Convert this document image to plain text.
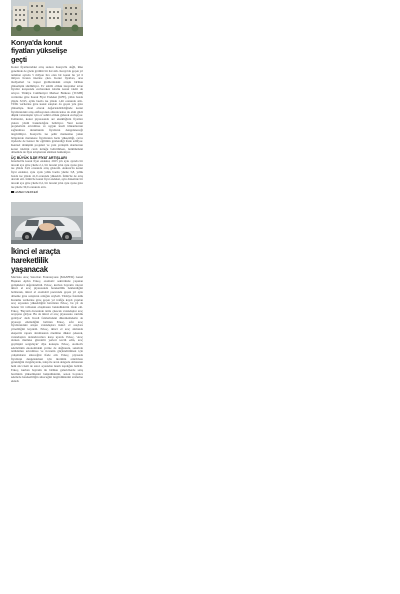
Konya'da konut fiyatları yükselişe geçti

Konut fiyatlarındaki artış sadece Konya'da değil, ülke genelinde de gözle görülür bir hal aldı. Konya'da geçen yıl temmuz ayında 5 milyon lira olan bir konut bu yıl 6 milyon liranın üzerine çıktı. Konut fiyatları, arsa maliyetleri ve inşaat girdilerindeki artışla birlikte yükselişini sürdürüyor. Ev sahibi olmak isteyenler artan fiyatlar karşısında zorlanırken kiralık konut talebi de artıyor. Türkiye Cumhuriyet Merkez Bankası (TCMB) verilerine göre Konut Fiyat Endeksi (KFE), yıllık bazda yüzde 32,95, aylık bazda ise yüzde 1,46 oranında arttı. TÜİK verilerine göre konut satışları da geçen yıla göre yükselişte. Reel olarak değerlendirildiğinde konut fiyatlarındaki artış enflasyonun altında kalsa da alım gücü düşük vatandaşlar için ev sahibi olmak giderek zorlaşıyor. Uzmanlar, konut piyasasında arz eksikliğinin fiyatları yukarı yönlü baskıladığını belirtiyor. Yeni konut projelerinin artırılması ve uygun kredi imkanlarının sağlanması durumunda fiyatların dengeleneceği öngörülüyor. Konya'da ise şehir merkezine yakın bölgelerde metrekare fiyatlarının hızla yükseldiği, çevre ilçelerde de benzer bir eğilimin gözlendiği ifade ediliyor. Kentsel dönüşüm projeleri ve yeni yerleşim alanlarının konut talebini canlı tuttuğu belirtilirken, önümüzdeki dönemde de fiyat artışlarının sürmesi bekleniyor.

ÜÇ BÜYÜK İLDE FİYAT ARTIŞLARI

İstanbul'da konut fiyat endeksi, 2023 yılı aynı ayında bir önceki aya göre yüzde 2,1, bir önceki yılın aynı ayına göre ise yüzde 34,9 oranında artış gösterdi. Ankara'da konut fiyat endeksi, aynı ayda yıllık bazda yüzde 3,8, yıllık bazda ise yüzde 41,9 oranında yükseldi. İzmir'de de artış devam etti. İzmir'de konut fiyat endeksi, aynı dönemde bir önceki aya göre yüzde 0,2, bir önceki yılın aynı ayına göre ise yüzde 30,9 oranında arttı.

HABER MERKEZİ
İkinci el araçta hareketlilik yaşanacak

Mevlana Araç Satıcıları Federasyonu (MASFED) Genel Başkanı Aydın Erkoç, otomotiv sektöründe yaşanan gelişmeleri değerlendirdi. Erkoç, kurban bayramı öncesi ikinci el araç piyasasında hareketlilik beklendiğini belirterek, ikinci el otomobil pazarında geçen yıl aynı döneme göre satışların arttığını söyledi. Türkiye İstatistik Kurumu verilerine göre geçen yıl trafiğe kaydı yapılan araç sayısının yükseldiğini hatırlatan Erkoç, bu yıl da benzer bir tablonun oluşmasını beklediklerini ifade etti. Erkoç, 'Bayram öncesinde tatile çıkacak vatandaşlar araç arayışına giriyor. Bu da ikinci el araç piyasasına canlılık getiriyor' dedi. Kredi faizlerindeki düzenlemelerin de piyasayı etkilediğini belirten Erkoç, sıfır araç fiyatlarındaki artışın vatandaşları ikinci el araçlara yönelttiğini kaydetti. Erkoç, ikinci el araç alımında ekspertiz raporu alınmasının önemine dikkat çekerek, vatandaşları dolandırıcılara karşı uyardı. Erkoç, 'Araç alırken mutlaka güvenilir yerleri tercih edin, araç geçmişini sorgulayın' diye konuştu. Erkoç, otomotiv sektörünün ekonomideki yerine de değinerek, sektörde istihdamın artırılması ve ticaretin güçlendirilmesi için çalışmaların süreceğini ifade etti. Erkoç, piyasada fiyatların dengelenmesi için üretimin artırılması gerektiğini vurgulayarak, talep ile arzın dengede olmasının hem alıcı hem de satıcı açısından önem taşıdığını belirtti. Erkoç, kurban bayramı ile birlikte galericilerde satış hacminin yükselmesini beklediklerini, sezon boyunca sektörde hareketliliğin süreceğini öngördüklerini sözlerine ekledi.
